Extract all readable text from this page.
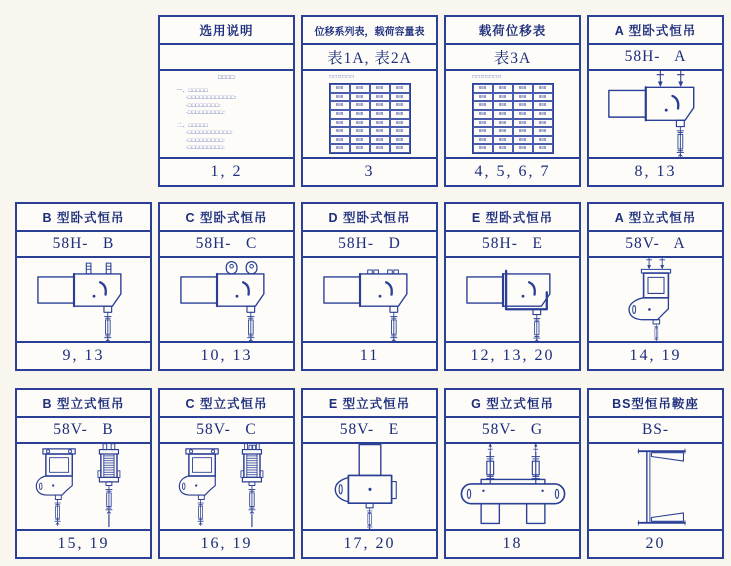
选用说明
□□□□
一、□□□□□
·□□□□□□□□□□□□:
·□□□□□□□□:
·□□□□□□□□□:
二、□□□□□
·□□□□□□□□□□□:
·□□□□□□□□□:
·□□□□□□□□□:
1, 2
位移系列表，载荷容量表
表1A, 表2A
□□□□□□
888	888	888	888
888	888	888	888
888	888	888	888
888	888	888	888
888	888	888	888
888	888	888	888
888	888	888	888
888	888	888	888
3
载荷位移表
表3A
□□□□□□□
888	888	888	888
888	888	888	888
888	888	888	888
888	888	888	888
888	888	888	888
888	888	888	888
888	888	888	888
888	888	888	888
4, 5, 6, 7
A 型卧式恒吊
58H-   A
8, 13
B 型卧式恒吊
58H-   B
9, 13
C 型卧式恒吊
58H-   C
10, 13
D 型卧式恒吊
58H-   D
11
E 型卧式恒吊
58H-   E
12, 13, 20
A 型立式恒吊
58V-   A
14, 19
B 型立式恒吊
58V-   B
15, 19
C 型立式恒吊
58V-   C
16, 19
E 型立式恒吊
58V-   E
17, 20
G 型立式恒吊
58V-   G
18
BS型恒吊鞍座
BS-
20
